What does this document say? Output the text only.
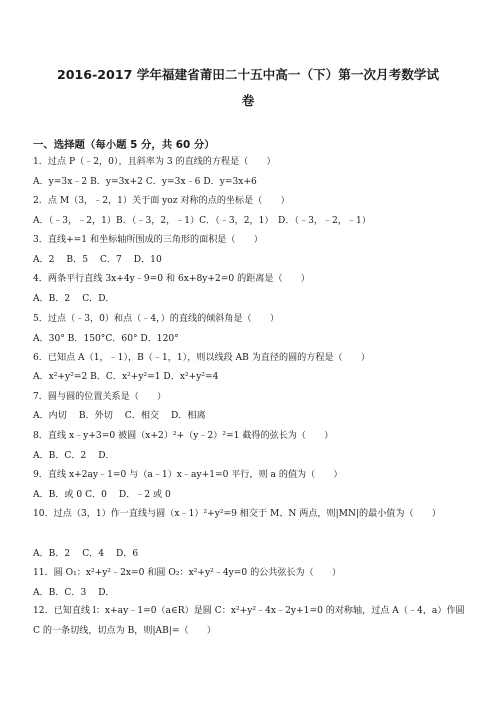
2016-2017 学年福建省莆田二十五中高一（下）第一次月考数学试
卷
一、选择题（每小题 5 分，共 60 分）
1．过点 P（﹣2，0），且斜率为 3 的直线的方程是（　　）
A．y=3x﹣2 B．y=3x+2 C．y=3x﹣6 D．y=3x+6
2．点 M（3，﹣2，1）关于面 yoz 对称的点的坐标是（　　）
A．（﹣3，﹣2，1）B．（﹣3，2，﹣1）C．（﹣3，2，1）　D．（﹣3，﹣2，﹣1）
3．直线+=1 和坐标轴所围成的三角形的面积是（　　）
A．2　 B．5　 C．7　 D．10
4．两条平行直线 3x+4y﹣9=0 和 6x+8y+2=0 的距离是（　　）
A．B．2　 C．D．
5．过点（﹣3，0）和点（﹣4，）的直线的倾斜角是（　　）
A．30° B．150°C．60° D．120°
6．已知点 A（1，﹣1），B（﹣1，1），则以线段 AB 为直径的圆的方程是（　　）
A．x²+y²=2 B．C．x²+y²=1 D．x²+y²=4
7．圆与圆的位置关系是（　　）
A．内切　 B．外切　 C．相交　 D．相离
8．直线 x﹣y+3=0 被圆（x+2）²+（y﹣2）²=1 截得的弦长为（　　）
A．B．C．2　 D．
9．直线 x+2ay﹣1=0 与（a﹣1）x﹣ay+1=0 平行，则 a 的值为（　　）
A．B．或 0 C．0　 D．﹣2 或 0
10．过点（3，1）作一直线与圆（x﹣1）²+y²=9 相交于 M、N 两点，则|MN|的最小值为（　　）
A．B．2　 C．4　 D．6
11．圆 O₁：x²+y²﹣2x=0 和圆 O₂：x²+y²﹣4y=0 的公共弦长为（　　）
A．B．C．3　 D．
12．已知直线 l：x+ay﹣1=0（a∈R）是圆 C：x²+y²﹣4x﹣2y+1=0 的对称轴，过点 A（﹣4，a）作圆 C 的一条切线，切点为 B，则|AB|=（　　）
